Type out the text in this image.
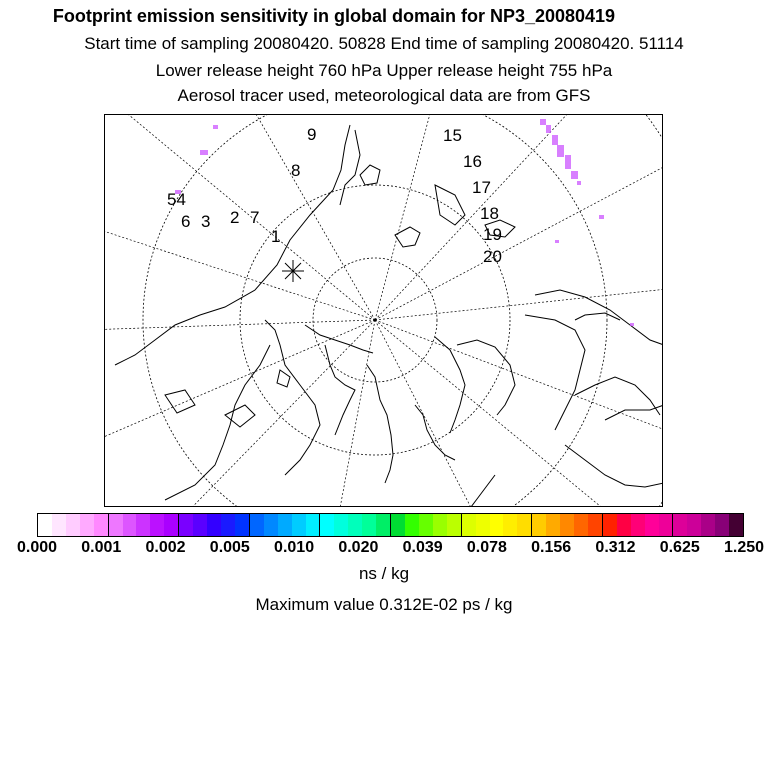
Footprint emission sensitivity in global domain for NP3_20080419
Start time of sampling 20080420. 50828 End time of sampling 20080420. 51114
Lower release height 760 hPa Upper release height 755 hPa
Aerosol tracer used, meteorological data are from GFS
9	15
16
8
17
54
6 3 2 7
1
18
19
20
0.000 0.001 0.002 0.005 0.010 0.020 0.039 0.078 0.156 0.312 0.625 1.250
ns / kg
Maximum value 0.312E-02 ps / kg
